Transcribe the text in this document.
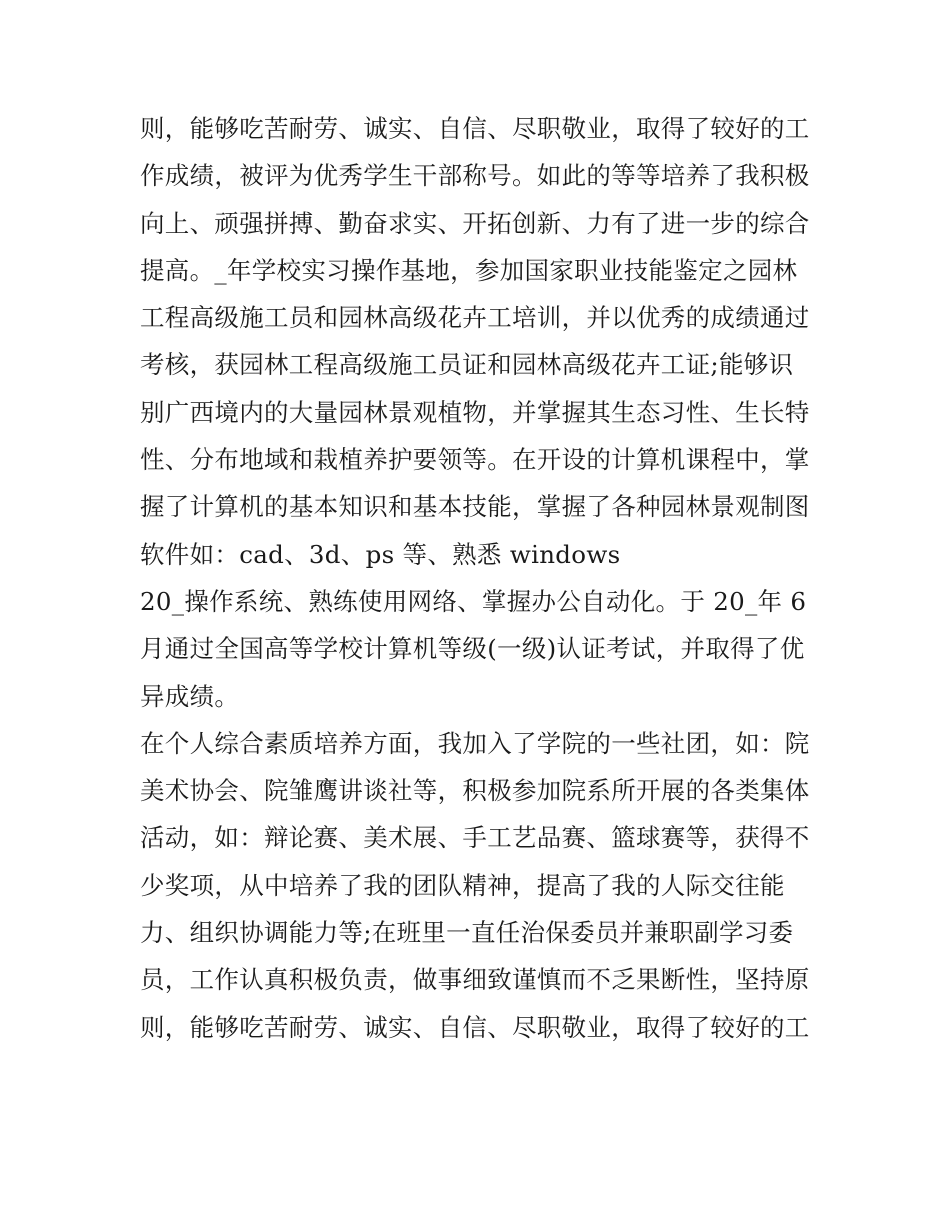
则，能够吃苦耐劳、诚实、自信、尽职敬业，取得了较好的工
作成绩，被评为优秀学生干部称号。如此的等等培养了我积极
向上、顽强拼搏、勤奋求实、开拓创新、力有了进一步的综合
提高。_年学校实习操作基地，参加国家职业技能鉴定之园林
工程高级施工员和园林高级花卉工培训，并以优秀的成绩通过
考核，获园林工程高级施工员证和园林高级花卉工证;能够识
别广西境内的大量园林景观植物，并掌握其生态习性、生长特
性、分布地域和栽植养护要领等。在开设的计算机课程中，掌
握了计算机的基本知识和基本技能，掌握了各种园林景观制图
软件如：cad、3d、ps 等、熟悉 windows
20_操作系统、熟练使用网络、掌握办公自动化。于 20_年 6
月通过全国高等学校计算机等级(一级)认证考试，并取得了优
异成绩。
在个人综合素质培养方面，我加入了学院的一些社团，如：院
美术协会、院雏鹰讲谈社等，积极参加院系所开展的各类集体
活动，如：辩论赛、美术展、手工艺品赛、篮球赛等，获得不
少奖项，从中培养了我的团队精神，提高了我的人际交往能
力、组织协调能力等;在班里一直任治保委员并兼职副学习委
员，工作认真积极负责，做事细致谨慎而不乏果断性，坚持原
则，能够吃苦耐劳、诚实、自信、尽职敬业，取得了较好的工
